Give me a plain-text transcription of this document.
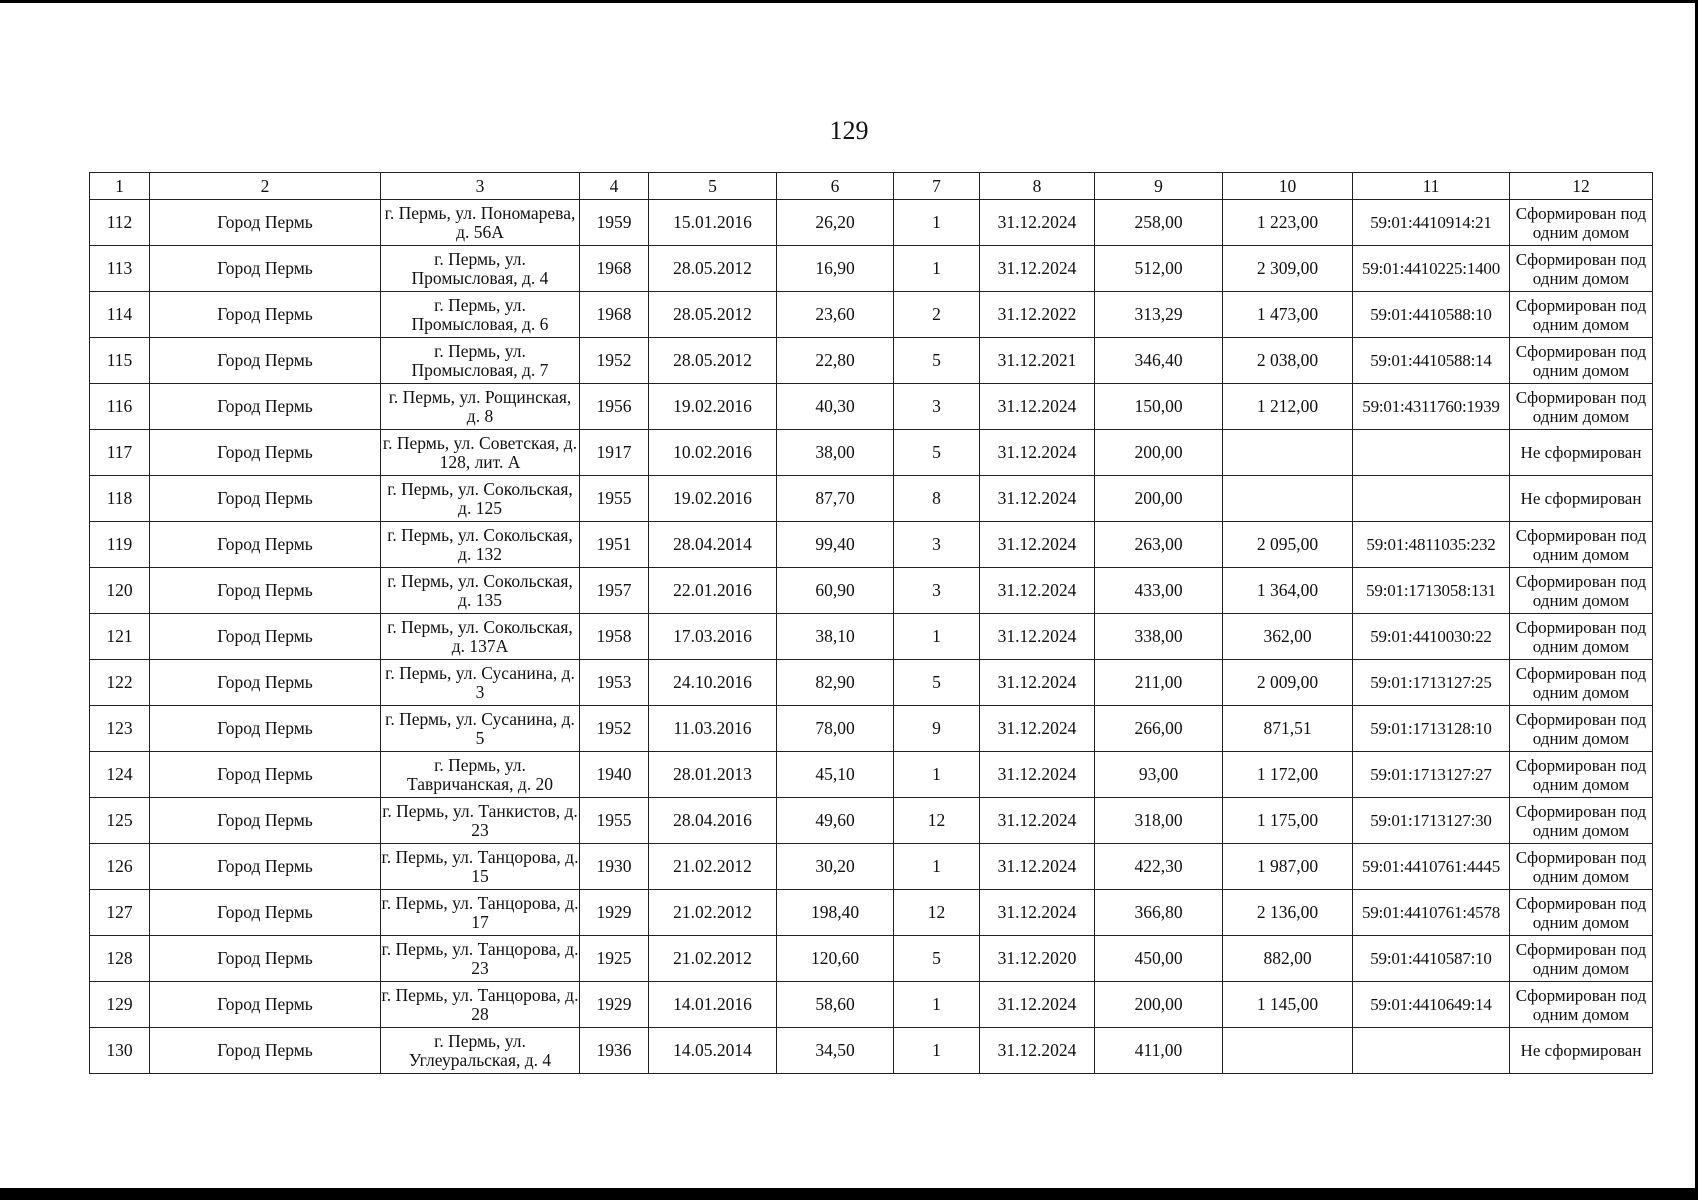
129
1	2	3	4	5	6	7	8	9	10	11	12
112	Город Пермь	г. Пермь, ул. Пономарева, д. 56А	1959	15.01.2016	26,20	1	31.12.2024	258,00	1 223,00	59:01:4410914:21	Сформирован под одним домом
113	Город Пермь	г. Пермь, ул. Промысловая, д. 4	1968	28.05.2012	16,90	1	31.12.2024	512,00	2 309,00	59:01:4410225:1400	Сформирован под одним домом
114	Город Пермь	г. Пермь, ул. Промысловая, д. 6	1968	28.05.2012	23,60	2	31.12.2022	313,29	1 473,00	59:01:4410588:10	Сформирован под одним домом
115	Город Пермь	г. Пермь, ул. Промысловая, д. 7	1952	28.05.2012	22,80	5	31.12.2021	346,40	2 038,00	59:01:4410588:14	Сформирован под одним домом
116	Город Пермь	г. Пермь, ул. Рощинская, д. 8	1956	19.02.2016	40,30	3	31.12.2024	150,00	1 212,00	59:01:4311760:1939	Сформирован под одним домом
117	Город Пермь	г. Пермь, ул. Советская, д. 128, лит. А	1917	10.02.2016	38,00	5	31.12.2024	200,00			Не сформирован
118	Город Пермь	г. Пермь, ул. Сокольская, д. 125	1955	19.02.2016	87,70	8	31.12.2024	200,00			Не сформирован
119	Город Пермь	г. Пермь, ул. Сокольская, д. 132	1951	28.04.2014	99,40	3	31.12.2024	263,00	2 095,00	59:01:4811035:232	Сформирован под одним домом
120	Город Пермь	г. Пермь, ул. Сокольская, д. 135	1957	22.01.2016	60,90	3	31.12.2024	433,00	1 364,00	59:01:1713058:131	Сформирован под одним домом
121	Город Пермь	г. Пермь, ул. Сокольская, д. 137А	1958	17.03.2016	38,10	1	31.12.2024	338,00	362,00	59:01:4410030:22	Сформирован под одним домом
122	Город Пермь	г. Пермь, ул. Сусанина, д. 3	1953	24.10.2016	82,90	5	31.12.2024	211,00	2 009,00	59:01:1713127:25	Сформирован под одним домом
123	Город Пермь	г. Пермь, ул. Сусанина, д. 5	1952	11.03.2016	78,00	9	31.12.2024	266,00	871,51	59:01:1713128:10	Сформирован под одним домом
124	Город Пермь	г. Пермь, ул. Тавричанская, д. 20	1940	28.01.2013	45,10	1	31.12.2024	93,00	1 172,00	59:01:1713127:27	Сформирован под одним домом
125	Город Пермь	г. Пермь, ул. Танкистов, д. 23	1955	28.04.2016	49,60	12	31.12.2024	318,00	1 175,00	59:01:1713127:30	Сформирован под одним домом
126	Город Пермь	г. Пермь, ул. Танцорова, д. 15	1930	21.02.2012	30,20	1	31.12.2024	422,30	1 987,00	59:01:4410761:4445	Сформирован под одним домом
127	Город Пермь	г. Пермь, ул. Танцорова, д. 17	1929	21.02.2012	198,40	12	31.12.2024	366,80	2 136,00	59:01:4410761:4578	Сформирован под одним домом
128	Город Пермь	г. Пермь, ул. Танцорова, д. 23	1925	21.02.2012	120,60	5	31.12.2020	450,00	882,00	59:01:4410587:10	Сформирован под одним домом
129	Город Пермь	г. Пермь, ул. Танцорова, д. 28	1929	14.01.2016	58,60	1	31.12.2024	200,00	1 145,00	59:01:4410649:14	Сформирован под одним домом
130	Город Пермь	г. Пермь, ул. Углеуральская, д. 4	1936	14.05.2014	34,50	1	31.12.2024	411,00			Не сформирован
